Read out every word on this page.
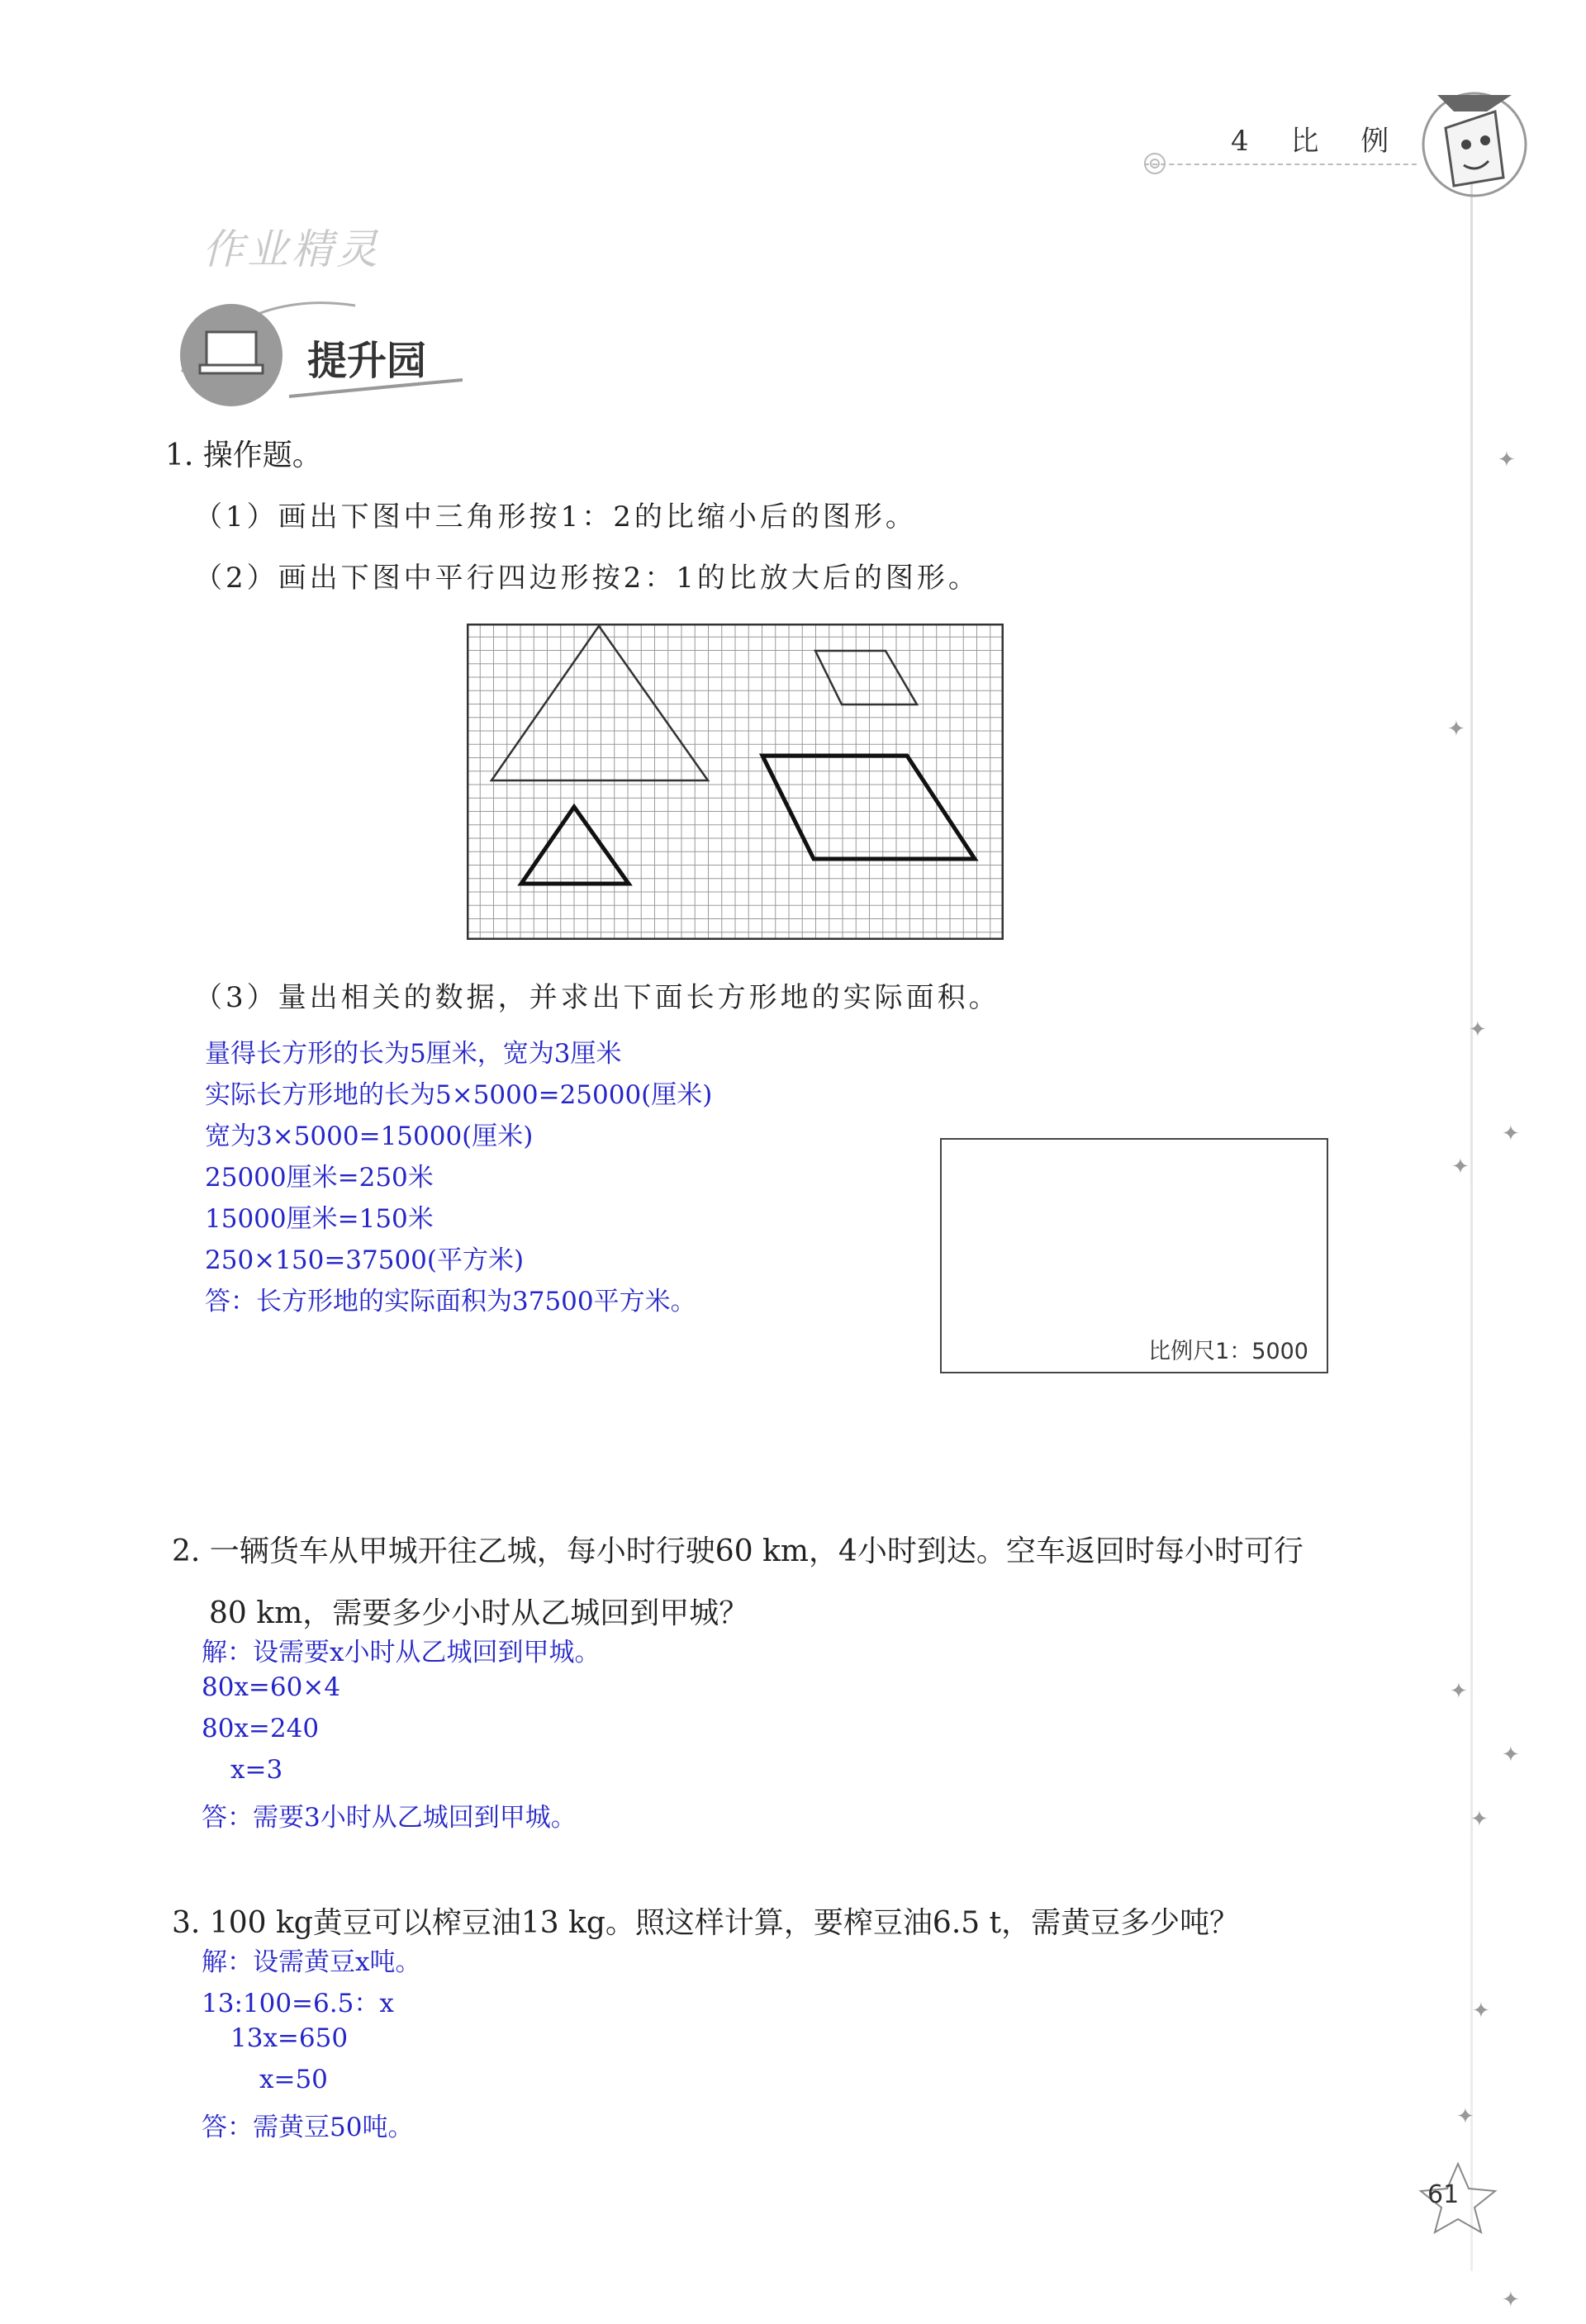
4 比 例
作业精灵
提升园
1. 操作题。
（1）画出下图中三角形按1：2的比缩小后的图形。
（2）画出下图中平行四边形按2：1的比放大后的图形。
（3）量出相关的数据，并求出下面长方形地的实际面积。
量得长方形的长为5厘米，宽为3厘米
实际长方形地的长为5×5000=25000(厘米)
宽为3×5000=15000(厘米)
25000厘米=250米
15000厘米=150米
250×150=37500(平方米)
答：长方形地的实际面积为37500平方米。
比例尺1：5000
2. 一辆货车从甲城开往乙城，每小时行驶60 km，4小时到达。空车返回时每小时可行
80 km，需要多少小时从乙城回到甲城？
解：设需要x小时从乙城回到甲城。
80x=60×4
80x=240
x=3
答：需要3小时从乙城回到甲城。
3. 100 kg黄豆可以榨豆油13 kg。照这样计算，要榨豆油6.5 t，需黄豆多少吨？
解：设需黄豆x吨。
13:100=6.5：x
13x=650
x=50
答：需黄豆50吨。
✦
✦
✦
✦
✦
✦
✦
✦
✦
✦
✦
61
